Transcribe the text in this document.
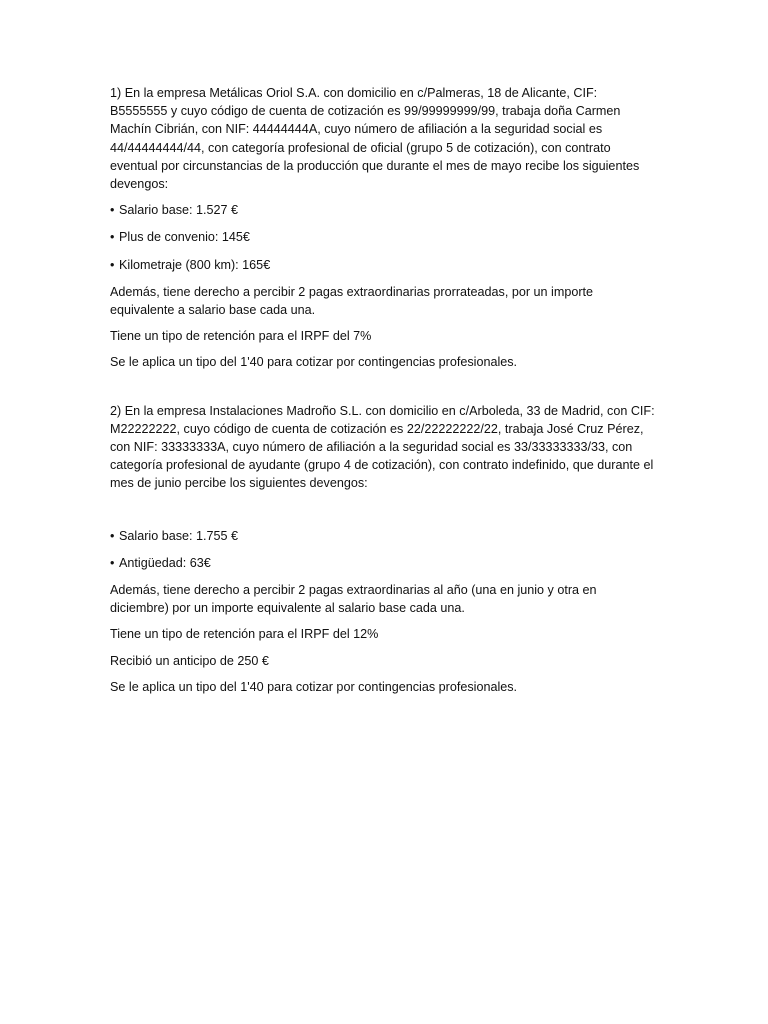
1) En la empresa Metálicas Oriol S.A. con domicilio en c/Palmeras, 18 de Alicante, CIF: B5555555 y cuyo código de cuenta de cotización es 99/99999999/99, trabaja doña Carmen Machín Cibrián, con NIF: 44444444A, cuyo número de afiliación a la seguridad social es 44/44444444/44, con categoría profesional de oficial (grupo 5 de cotización), con contrato eventual por circunstancias de la producción que durante el mes de mayo recibe los siguientes devengos:

• Salario base: 1.527 €
• Plus de convenio: 145€
• Kilometraje (800 km): 165€

Además, tiene derecho a percibir 2 pagas extraordinarias prorrateadas, por un importe equivalente a salario base cada una.

Tiene un tipo de retención para el IRPF del 7%

Se le aplica un tipo del 1'40 para cotizar por contingencias profesionales.

2) En la empresa Instalaciones Madroño S.L. con domicilio en c/Arboleda, 33 de Madrid, con CIF: M22222222, cuyo código de cuenta de cotización es 22/22222222/22, trabaja José Cruz Pérez, con NIF: 33333333A, cuyo número de afiliación a la seguridad social es 33/33333333/33, con categoría profesional de ayudante (grupo 4 de cotización), con contrato indefinido, que durante el mes de junio percibe los siguientes devengos:

• Salario base: 1.755 €
• Antigüedad: 63€

Además, tiene derecho a percibir 2 pagas extraordinarias al año (una en junio y otra en diciembre) por un importe equivalente al salario base cada una.

Tiene un tipo de retención para el IRPF del 12%

Recibió un anticipo de 250 €

Se le aplica un tipo del 1'40 para cotizar por contingencias profesionales.
